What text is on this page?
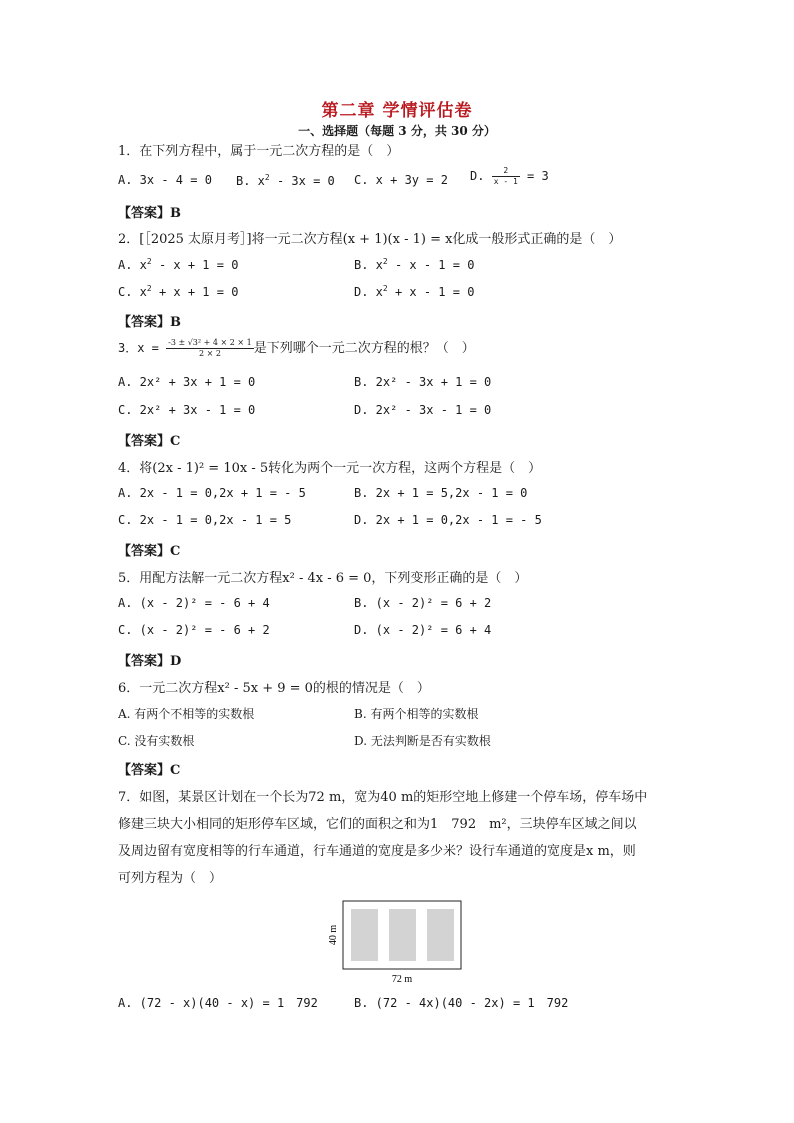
第二章 学情评估卷
一、选择题（每题 3 分，共 30 分）
1．在下列方程中，属于一元二次方程的是（　）
A. 3x - 4 = 0 B. $x^2 - 3x = 0$ C. x + 3y = 2 D. $\frac{2}{x - 1} = 3$
【答案】B
2．[［2025 太原月考］]将一元二次方程(x + 1)(x - 1) = x化成一般形式正确的是（　）
A. $x^2 - x + 1 = 0$	B. $x^2 - x - 1 = 0$
C. $x^2 + x + 1 = 0$	D. $x^2 + x - 1 = 0$
【答案】B
3．$x = \frac{\text{-3 ± √3² + 4 × 2 × 1}}{2 \times 2}$ 是下列哪个一元二次方程的根？（　）
A. 2x² + 3x + 1 = 0	B. 2x² - 3x + 1 = 0
C. 2x² + 3x - 1 = 0	D. 2x² - 3x - 1 = 0
【答案】C
4．将(2x - 1)² = 10x - 5转化为两个一元一次方程，这两个方程是（　）
A. 2x - 1 = 0,2x + 1 = - 5	B. 2x + 1 = 5,2x - 1 = 0
C. 2x - 1 = 0,2x - 1 = 5	D. 2x + 1 = 0,2x - 1 = - 5
【答案】C
5．用配方法解一元二次方程x² - 4x - 6 = 0，下列变形正确的是（　）
A. (x - 2)² = - 6 + 4	B. (x - 2)² = 6 + 2
C. (x - 2)² = - 6 + 2	D. (x - 2)² = 6 + 4
【答案】D
6．一元二次方程x² - 5x + 9 = 0的根的情况是（　）
A. 有两个不相等的实数根	B. 有两个相等的实数根
C. 没有实数根	D. 无法判断是否有实数根
【答案】C
7．如图，某景区计划在一个长为72 m，宽为40 m的矩形空地上修建一个停车场，停车场中
修建三块大小相同的矩形停车区域，它们的面积之和为1　792　m²，三块停车区域之间以
及周边留有宽度相等的行车通道，行车通道的宽度是多少米？设行车通道的宽度是x m，则
可列方程为（　）
40 m
72 m
A. (72 - x)(40 - x) = 1　792	B. (72 - 4x)(40 - 2x) = 1　792
